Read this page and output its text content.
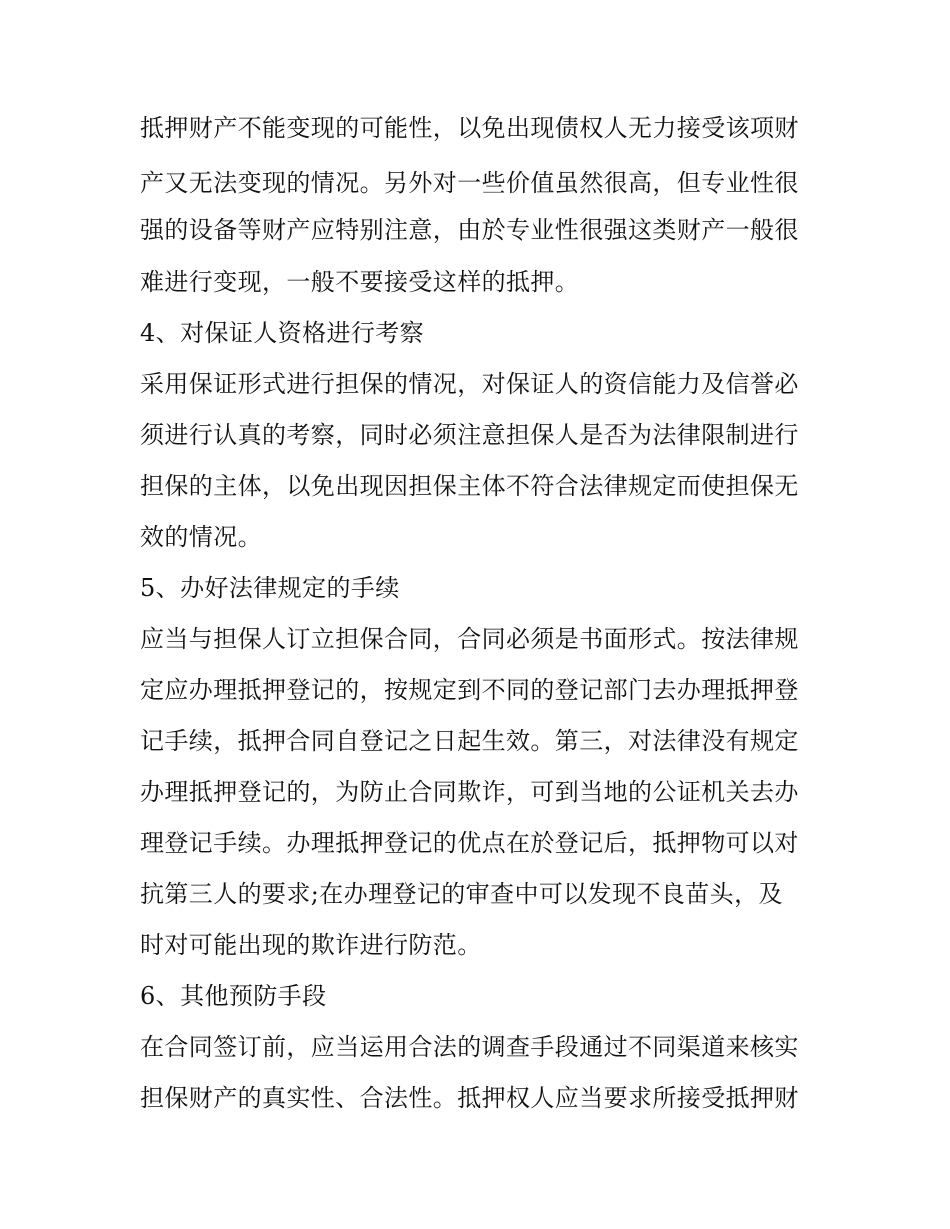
抵押财产不能变现的可能性，以免出现债权人无力接受该项财
产又无法变现的情况。另外对一些价值虽然很高，但专业性很
强的设备等财产应特别注意，由於专业性很强这类财产一般很
难进行变现，一般不要接受这样的抵押。
4、对保证人资格进行考察
采用保证形式进行担保的情况，对保证人的资信能力及信誉必
须进行认真的考察，同时必须注意担保人是否为法律限制进行
担保的主体，以免出现因担保主体不符合法律规定而使担保无
效的情况。
5、办好法律规定的手续
应当与担保人订立担保合同，合同必须是书面形式。按法律规
定应办理抵押登记的，按规定到不同的登记部门去办理抵押登
记手续，抵押合同自登记之日起生效。第三，对法律没有规定
办理抵押登记的，为防止合同欺诈，可到当地的公证机关去办
理登记手续。办理抵押登记的优点在於登记后，抵押物可以对
抗第三人的要求;在办理登记的审查中可以发现不良苗头，及
时对可能出现的欺诈进行防范。
6、其他预防手段
在合同签订前，应当运用合法的调查手段通过不同渠道来核实
担保财产的真实性、合法性。抵押权人应当要求所接受抵押财
